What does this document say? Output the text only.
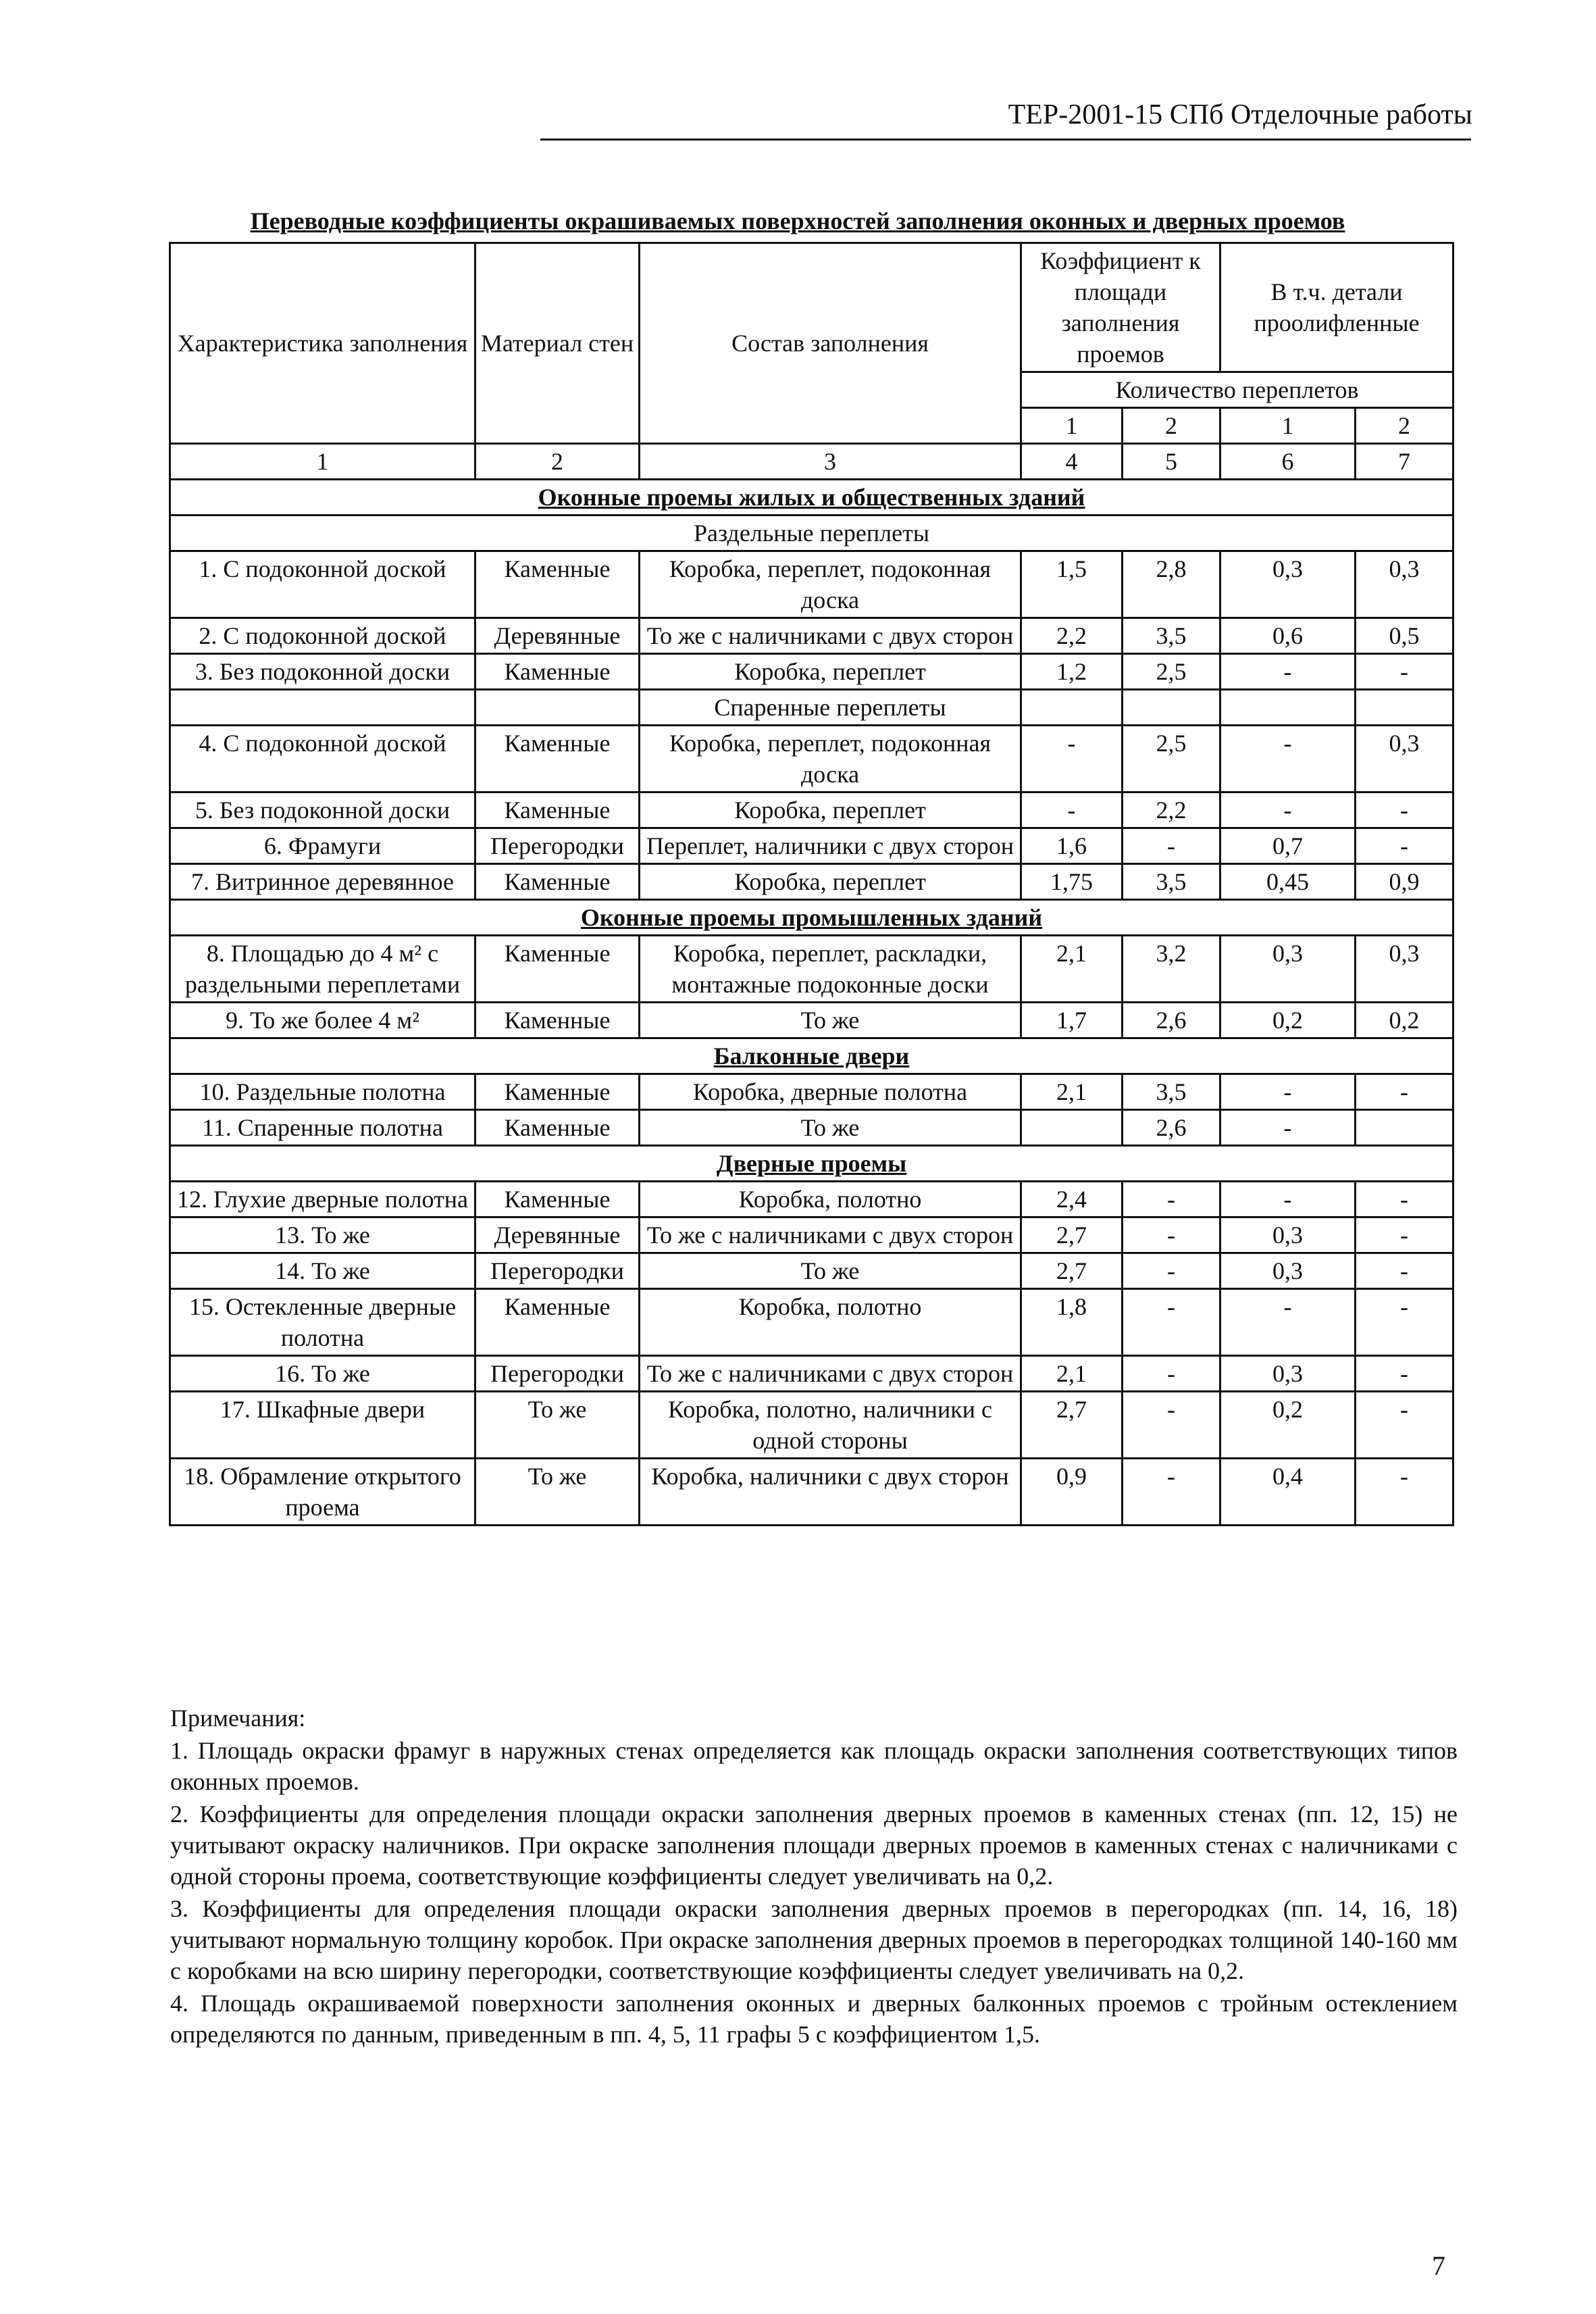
ТЕР-2001-15 СПб Отделочные работы
Переводные коэффициенты окрашиваемых поверхностей заполнения оконных и дверных проемов
Характеристика заполнения	Материал стен	Состав заполнения	Коэффициент к площади заполнения проемов		В т.ч. детали проолифленные	
			Количество переплетов			
			1	2	1	2
1	2	3	4	5	6	7
Оконные проемы жилых и общественных зданий						
Раздельные переплеты						
1. С подоконной доской	Каменные	Коробка, переплет, подоконная доска	1,5	2,8	0,3	0,3
2. С подоконной доской	Деревянные	То же с наличниками с двух сторон	2,2	3,5	0,6	0,5
3. Без подоконной доски	Каменные	Коробка, переплет	1,2	2,5	-	-
		Спаренные переплеты				
4. С подоконной доской	Каменные	Коробка, переплет, подоконная доска	-	2,5	-	0,3
5. Без подоконной доски	Каменные	Коробка, переплет	-	2,2	-	-
6. Фрамуги	Перегородки	Переплет, наличники с двух сторон	1,6	-	0,7	-
7. Витринное деревянное	Каменные	Коробка, переплет	1,75	3,5	0,45	0,9
Оконные проемы промышленных зданий						
8. Площадью до 4 м² с раздельными переплетами	Каменные	Коробка, переплет, раскладки, монтажные подоконные доски	2,1	3,2	0,3	0,3
9. То же более 4 м²	Каменные	То же	1,7	2,6	0,2	0,2
Балконные двери						
10. Раздельные полотна	Каменные	Коробка, дверные полотна	2,1	3,5	-	-
11. Спаренные полотна	Каменные	То же		2,6	-	
Дверные проемы						
12. Глухие дверные полотна	Каменные	Коробка, полотно	2,4	-	-	-
13. То же	Деревянные	То же с наличниками с двух сторон	2,7	-	0,3	-
14. То же	Перегородки	То же	2,7	-	0,3	-
15. Остекленные дверные полотна	Каменные	Коробка, полотно	1,8	-	-	-
16. То же	Перегородки	То же с наличниками с двух сторон	2,1	-	0,3	-
17. Шкафные двери	То же	Коробка, полотно, наличники с одной стороны	2,7	-	0,2	-
18. Обрамление открытого проема	То же	Коробка, наличники с двух сторон	0,9	-	0,4	-

Примечания:

1. Площадь окраски фрамуг в наружных стенах определяется как площадь окраски заполнения соответствующих типов оконных проемов.

2. Коэффициенты для определения площади окраски заполнения дверных проемов в каменных стенах (пп. 12, 15) не учитывают окраску наличников. При окраске заполнения площади дверных проемов в каменных стенах с наличниками с одной стороны проема, соответствующие коэффициенты следует увеличивать на 0,2.

3. Коэффициенты для определения площади окраски заполнения дверных проемов в перегородках (пп. 14, 16, 18) учитывают нормальную толщину коробок. При окраске заполнения дверных проемов в перегородках толщиной 140-160 мм с коробками на всю ширину перегородки, соответствующие коэффициенты следует увеличивать на 0,2.

4. Площадь окрашиваемой поверхности заполнения оконных и дверных балконных проемов с тройным остеклением определяются по данным, приведенным в пп. 4, 5, 11 графы 5 с коэффициентом 1,5.

7
